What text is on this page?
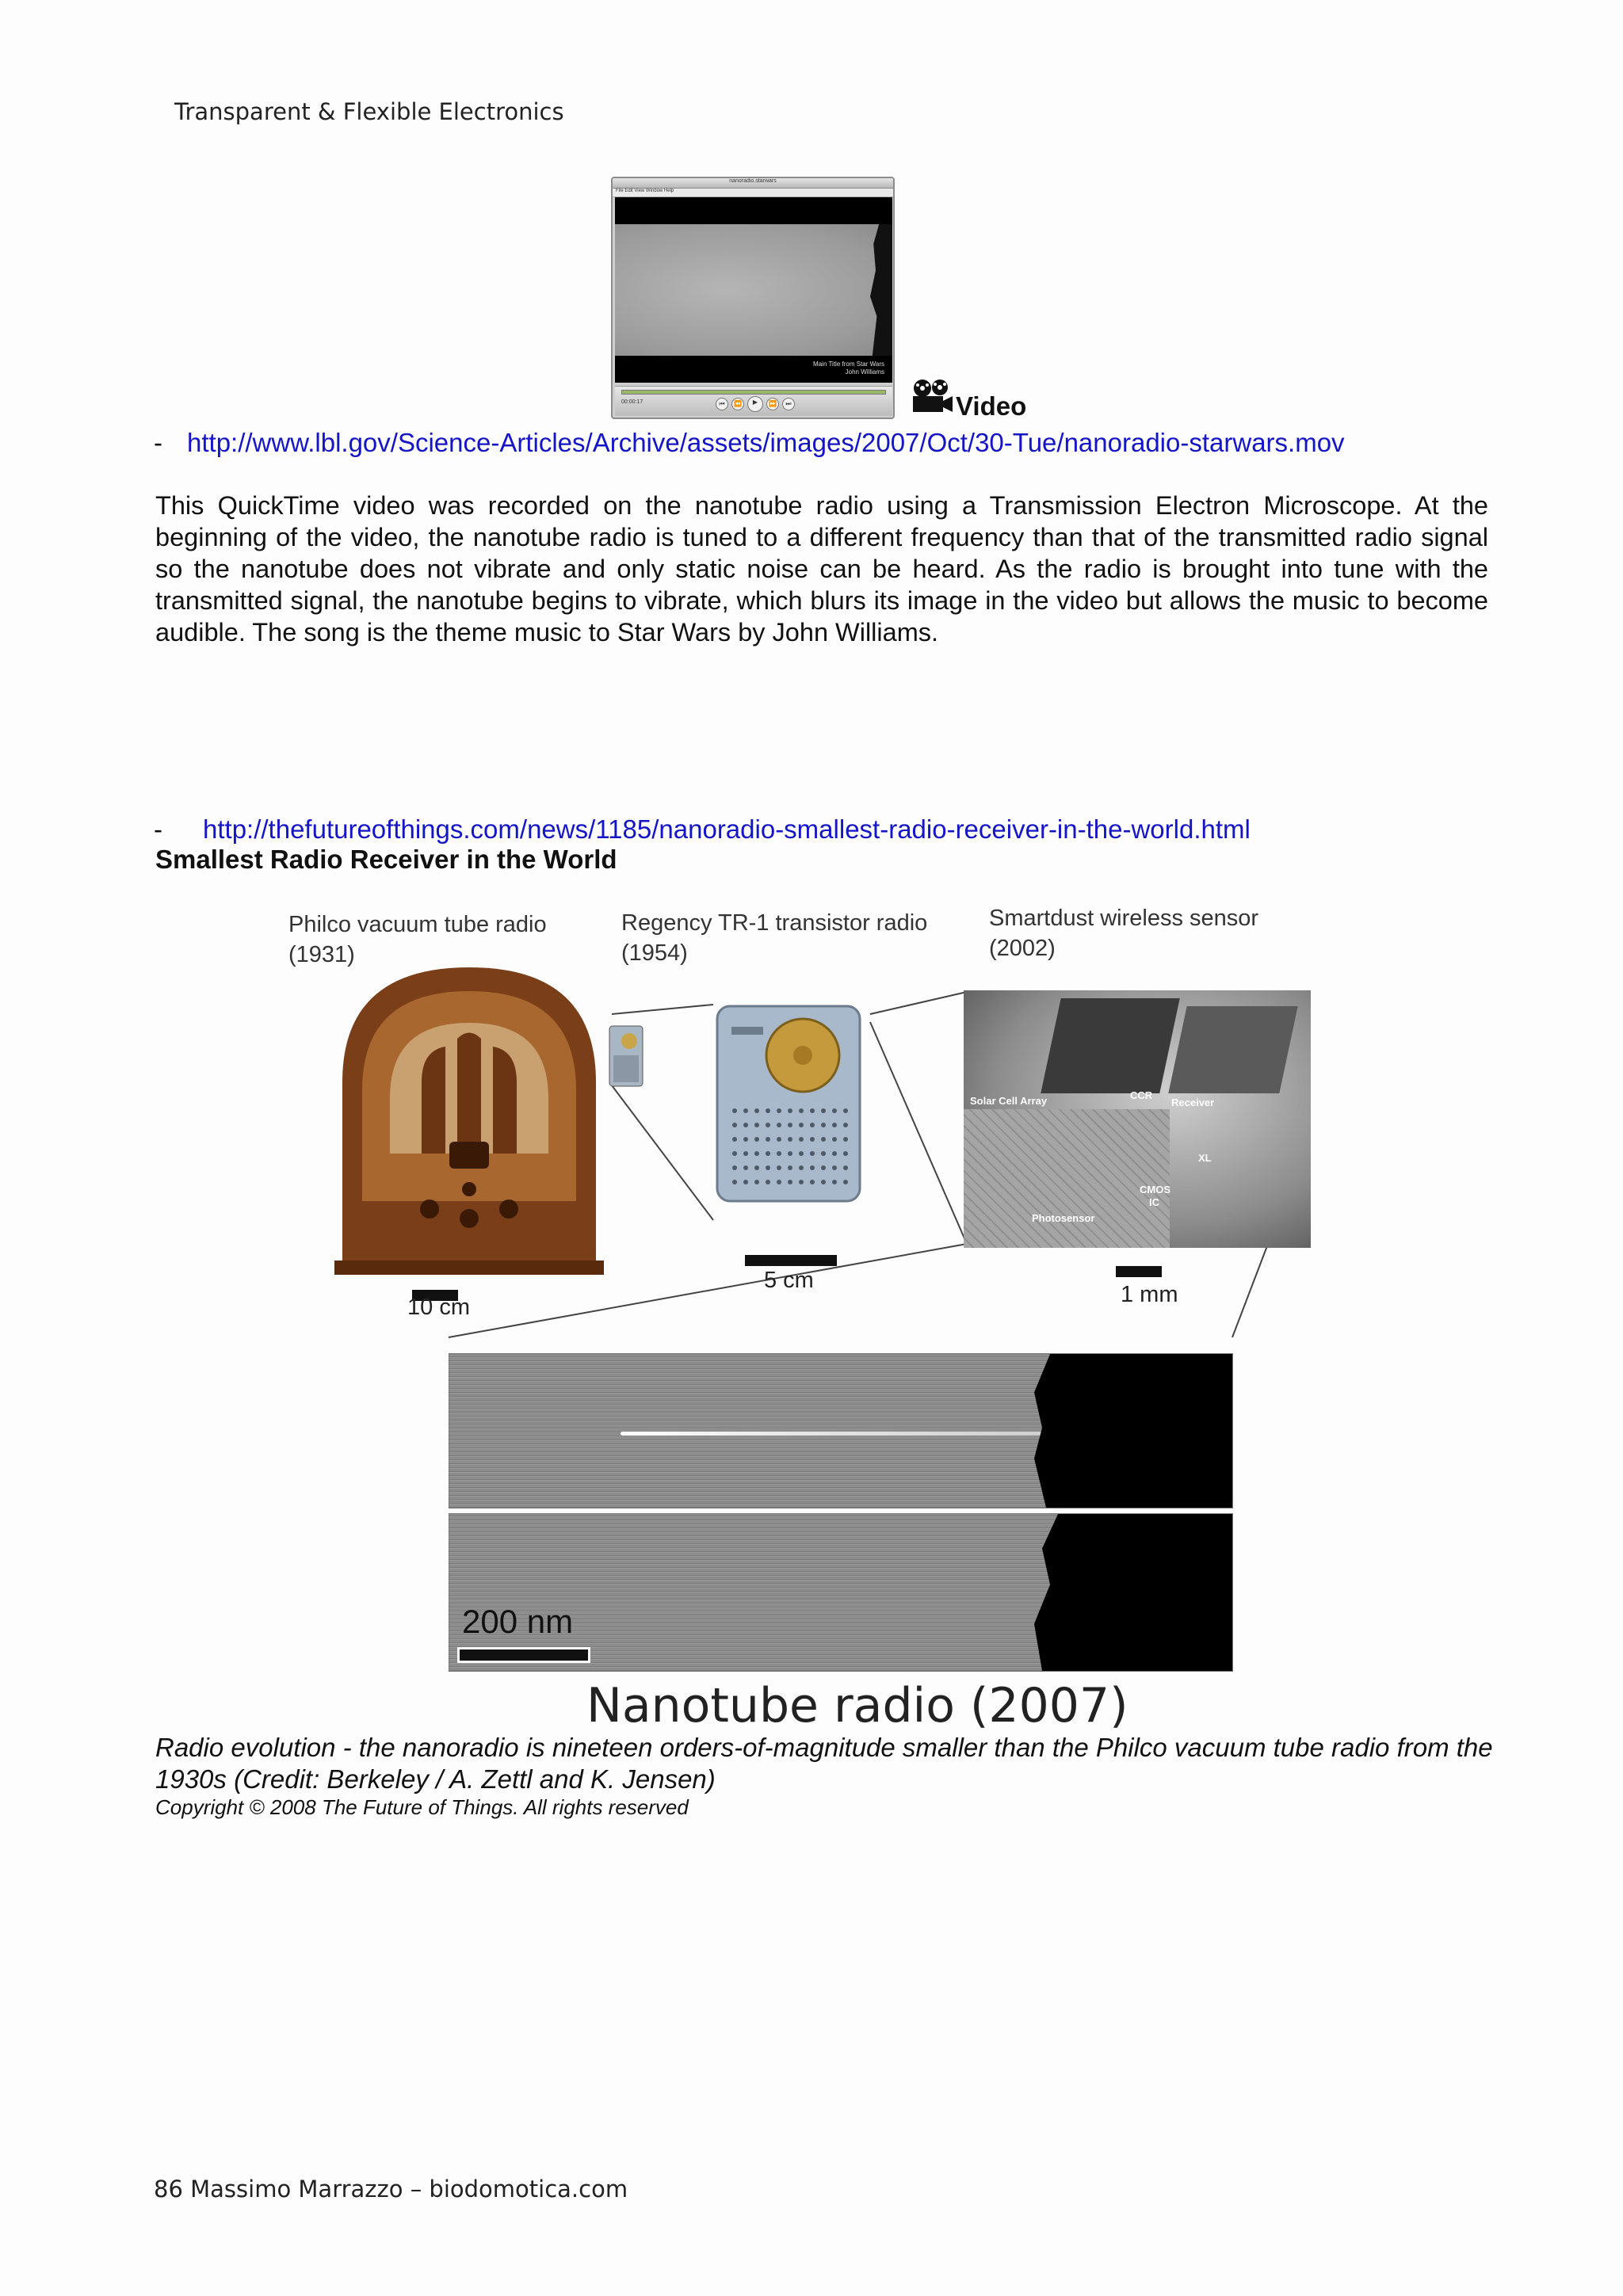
Transparent & Flexible Electronics
nanoradio.starwars
File Edit View Window Help
Main Title from Star Wars
John Williams
00:00:17	⏮	⏪	▶	⏩	⏭	Video
- http://www.lbl.gov/Science-Articles/Archive/assets/images/2007/Oct/30-Tue/nanoradio-starwars.mov

This QuickTime video was recorded on the nanotube radio using a Transmission Electron Microscope. At the beginning of the video, the nanotube radio is tuned to a different frequency than that of the transmitted radio signal so the nanotube does not vibrate and only static noise can be heard. As the radio is brought into tune with the transmitted signal, the nanotube begins to vibrate, which blurs its image in the video but allows the music to become audible. The song is the theme music to Star Wars by John Williams.

- http://thefutureofthings.com/news/1185/nanoradio-smallest-radio-receiver-in-the-world.html
Smallest Radio Receiver in the World
Philco vacuum tube radio
(1931)
Regency TR-1 transistor radio
(1954)
Smartdust wireless sensor
(2002)
10 cm
5 cm
Solar Cell Array	CCR
Receiver
XL
CMOS
IC
Photosensor
1 mm
200 nm
Nanotube radio (2007)

Radio evolution - the nanoradio is nineteen orders-of-magnitude smaller than the Philco vacuum tube radio from the 1930s (Credit: Berkeley / A. Zettl and K. Jensen)

Copyright © 2008 The Future of Things. All rights reserved

86 Massimo Marrazzo – biodomotica.com
